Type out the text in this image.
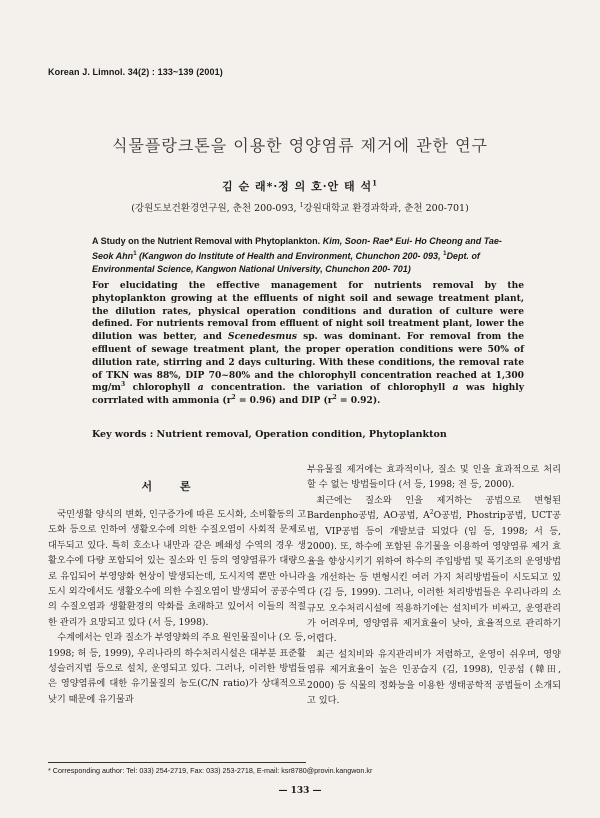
Korean J. Limnol. 34(2) : 133~139 (2001)
식물플랑크톤을 이용한 영양염류 제거에 관한 연구
김 순 래*·정 의 호·안 태 석$^1$
(강원도보건환경연구원, 춘천 200-093, $^1$강원대학교 환경과학과, 춘천 200-701)
A Study on the Nutrient Removal with Phytoplankton. Kim, Soon- Rae* Eui- Ho Cheong and Tae- Seok Ahn$^1$ (Kangwon do Institute of Health and Environment, Chunchon 200- 093, $^1$Dept. of Environmental Science, Kangwon National University, Chunchon 200- 701)
For elucidating the effective management for nutrients removal by the phytoplankton growing at the effluents of night soil and sewage treatment plant, the dilution rates, physical operation conditions and duration of culture were defined. For nutrients removal from effluent of night soil treatment plant, lower the dilution was better, and Scenedesmus sp. was dominant. For removal from the effluent of sewage treatment plant, the proper operation conditions were 50% of dilution rate, stirring and 2 days culturing. With these conditions, the removal rate of TKN was 88%, DIP 70~80% and the chlorophyll concentration reached at 1,300 $mg/m^3$ chlorophyll a concentration. the variation of chlorophyll a was highly corrrlated with ammonia $(r^2 = 0.96)$ and DIP $(r^2 = 0.92)$.
Key words : Nutrient removal, Operation condition, Phytoplankton
서 론

국민생활 양식의 변화, 인구증가에 따른 도시화, 소비활동의 고도화 등으로 인하여 생활오수에 의한 수질오염이 사회적 문제로 대두되고 있다. 특히 호소나 내만과 같은 폐쇄성 수역의 경우 생활오수에 다량 포함되어 있는 질소와 인 등의 영양염류가 대량으로 유입되어 부영양화 현상이 발생되는데, 도시지역 뿐만 아니라 도시 외각에서도 생활오수에 의한 수질오염이 발생되어 공공수역의 수질오염과 생활환경의 악화를 초래하고 있어서 이들의 적절한 관리가 요망되고 있다 (서 등, 1998).

수계에서는 인과 질소가 부영양화의 주요 원인물질이나 (오 등, 1998; 허 등, 1999), 우리나라의 하수처리시설은 대부분 표준활성슬러지법 등으로 설치, 운영되고 있다. 그러나, 이러한 방법들은 영양염류에 대한 유기물질의 농도(C/N ratio)가 상대적으로 낮기 때문에 유기물과

부유물질 제거에는 효과적이나, 질소 및 인을 효과적으로 처리할 수 없는 방법들이다 (서 등, 1998; 전 등, 2000).

최근에는 질소와 인을 제거하는 공법으로 변형된 Bardenpho공법, AO공법, $A^2O$공법, Phostrip공법, UCT공법, VIP공법 등이 개발보급 되었다 (임 등, 1998; 서 등, 2000). 또, 하수에 포함된 유기물을 이용하여 영양염류 제거 효율을 향상시키기 위하여 하수의 주입방법 및 폭기조의 운영방법을 개선하는 등 변형시킨 여러 가지 처리방법들이 시도되고 있다 (김 등, 1999). 그러나, 이러한 처리방법들은 우리나라의 소규모 오수처리시설에 적용하기에는 설치비가 비싸고, 운영관리가 어려우며, 영양염류 제거효율이 낮아, 효율적으로 관리하기 어렵다.

최근 설치비와 유지관리비가 저렴하고, 운영이 쉬우며, 영양염류 제거효율이 높은 인공습지 (김, 1998), 인공섬 (韓田, 2000) 등 식물의 정화능을 이용한 생태공학적 공법들이 소개되고 있다.

* Corresponding author: Tel: 033) 254-2719, Fax: 033) 253-2718, E-mail: ksr8780@provin.kangwon.kr
— 133 —
